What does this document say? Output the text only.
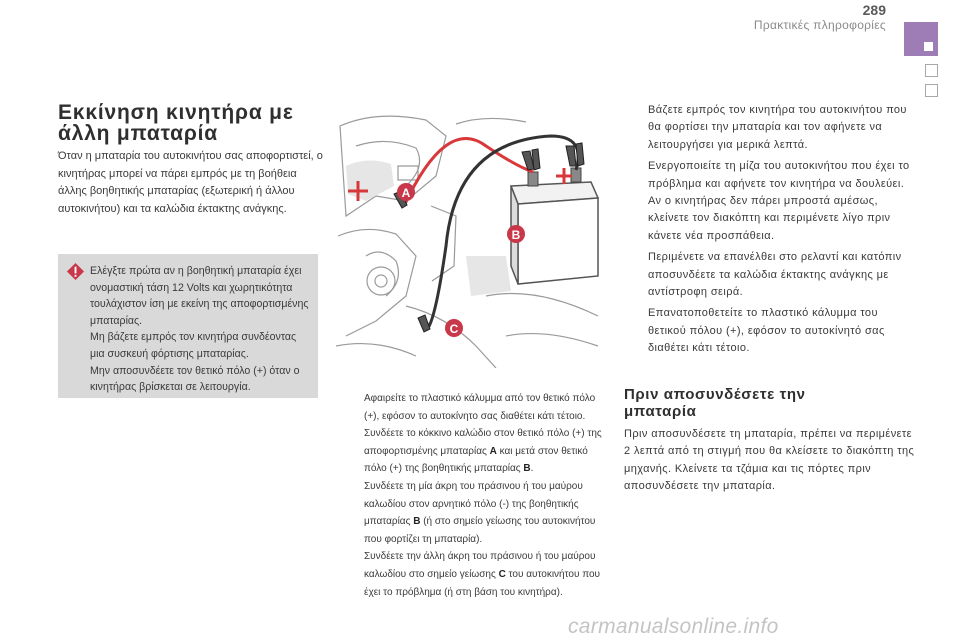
289
Πρακτικές πληροφορίες
Εκκίνηση κινητήρα με άλλη μπαταρία

Όταν η μπαταρία του αυτοκινήτου σας αποφορτιστεί, ο κινητήρας μπορεί να πάρει εμπρός με τη βοήθεια άλλης βοηθητικής μπαταρίας (εξωτερική ή άλλου αυτοκινήτου) και τα καλώδια έκτακτης ανάγκης.

Ελέγξτε πρώτα αν η βοηθητική μπαταρία έχει ονομαστική τάση 12 Volts και χωρητικότητα τουλάχιστον ίση με εκείνη της αποφορτισμένης μπαταρίας.

Μη βάζετε εμπρός τον κινητήρα συνδέοντας μια συσκευή φόρτισης μπαταρίας.

Μην αποσυνδέετε τον θετικό πόλο (+) όταν ο κινητήρας βρίσκεται σε λειτουργία.

A
B
C
Αφαιρείτε το πλαστικό κάλυμμα από τον θετικό πόλο (+), εφόσον το αυτοκίνητο σας διαθέτει κάτι τέτοιο.
Συνδέετε το κόκκινο καλώδιο στον θετικό πόλο (+) της αποφορτισμένης μπαταρίας A και μετά στον θετικό πόλο (+) της βοηθητικής μπαταρίας B.
Συνδέετε τη μία άκρη του πράσινου ή του μαύρου καλωδίου στον αρνητικό πόλο (-) της βοηθητικής μπαταρίας B (ή στο σημείο γείωσης του αυτοκινήτου που φορτίζει τη μπαταρία).
Συνδέετε την άλλη άκρη του πράσινου ή του μαύρου καλωδίου στο σημείο γείωσης C του αυτοκινήτου που έχει το πρόβλημα (ή στη βάση του κινητήρα).
Βάζετε εμπρός τον κινητήρα του αυτοκινήτου που θα φορτίσει την μπαταρία και τον αφήνετε να λειτουργήσει για μερικά λεπτά.
Ενεργοποιείτε τη μίζα του αυτοκινήτου που έχει το πρόβλημα και αφήνετε τον κινητήρα να δουλεύει.
Αν ο κινητήρας δεν πάρει μπροστά αμέσως, κλείνετε τον διακόπτη και περιμένετε λίγο πριν κάνετε νέα προσπάθεια.
Περιμένετε να επανέλθει στο ρελαντί και κατόπιν αποσυνδέετε τα καλώδια έκτακτης ανάγκης με αντίστροφη σειρά.
Επανατοποθετείτε το πλαστικό κάλυμμα του θετικού πόλου (+), εφόσον το αυτοκίνητό σας διαθέτει κάτι τέτοιο.
Πριν αποσυνδέσετε την μπαταρία

Πριν αποσυνδέσετε τη μπαταρία, πρέπει να περιμένετε 2 λεπτά από τη στιγμή που θα κλείσετε το διακόπτη της μηχανής. Κλείνετε τα τζάμια και τις πόρτες πριν αποσυνδέσετε την μπαταρία.

carmanualsonline.info
